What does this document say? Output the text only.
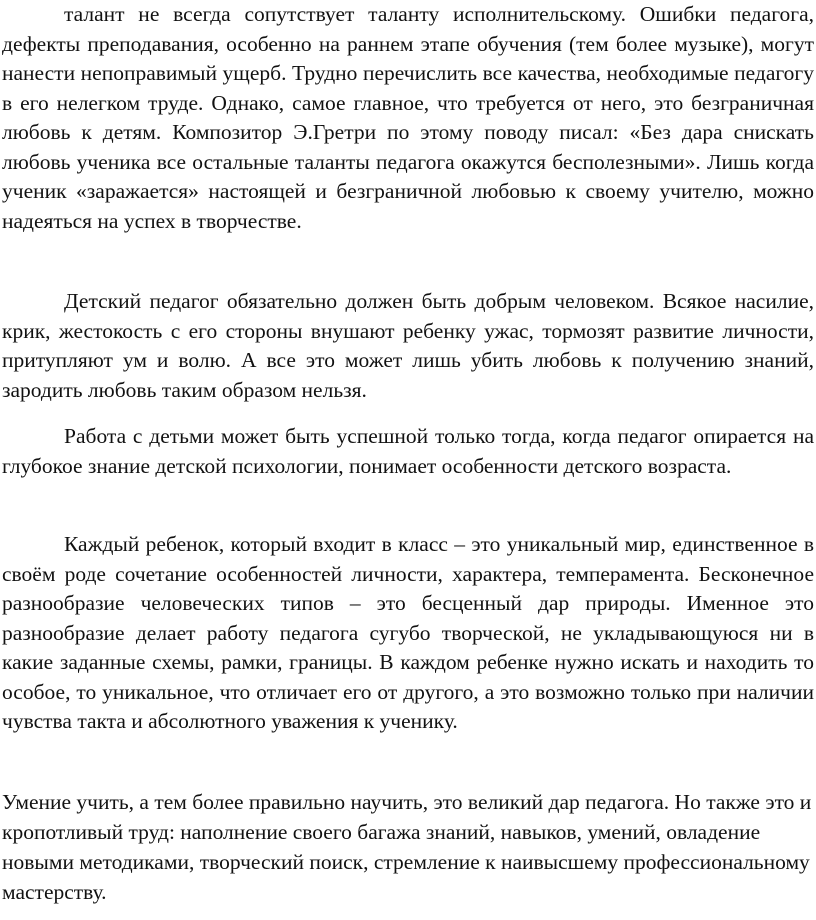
талант не всегда сопутствует таланту исполнительскому. Ошибки педагога, дефекты преподавания, особенно на раннем этапе обучения (тем более музыке), могут нанести непоправимый ущерб. Трудно перечислить все качества, необходимые педагогу в его нелегком труде. Однако, самое главное, что требуется от него, это безграничная любовь к детям. Композитор Э.Гретри по этому поводу писал: «Без дара снискать любовь ученика все остальные таланты педагога окажутся бесполезными». Лишь когда ученик «заражается» настоящей и безграничной любовью к своему учителю, можно надеяться на успех в творчестве.

Детский педагог обязательно должен быть добрым человеком. Всякое насилие, крик, жестокость с его стороны внушают ребенку ужас, тормозят развитие личности, притупляют ум и волю. А все это может лишь убить любовь к получению знаний, зародить любовь таким образом нельзя.

Работа с детьми может быть успешной только тогда, когда педагог опирается на глубокое знание детской психологии, понимает особенности детского возраста.

Каждый ребенок, который входит в класс – это уникальный мир, единственное в своём роде сочетание особенностей личности, характера, темперамента. Бесконечное разнообразие человеческих типов – это бесценный дар природы. Именное это разнообразие делает работу педагога сугубо творческой, не укладывающуюся ни в какие заданные схемы, рамки, границы. В каждом ребенке нужно искать и находить то особое, то уникальное, что отличает его от другого, а это возможно только при наличии чувства такта и абсолютного уважения к ученику.

Умение учить, а тем более правильно научить, это великий дар педагога. Но также это и кропотливый труд: наполнение своего багажа знаний, навыков, умений, овладение новыми методиками, творческий поиск, стремление к наивысшему профессиональному мастерству.
